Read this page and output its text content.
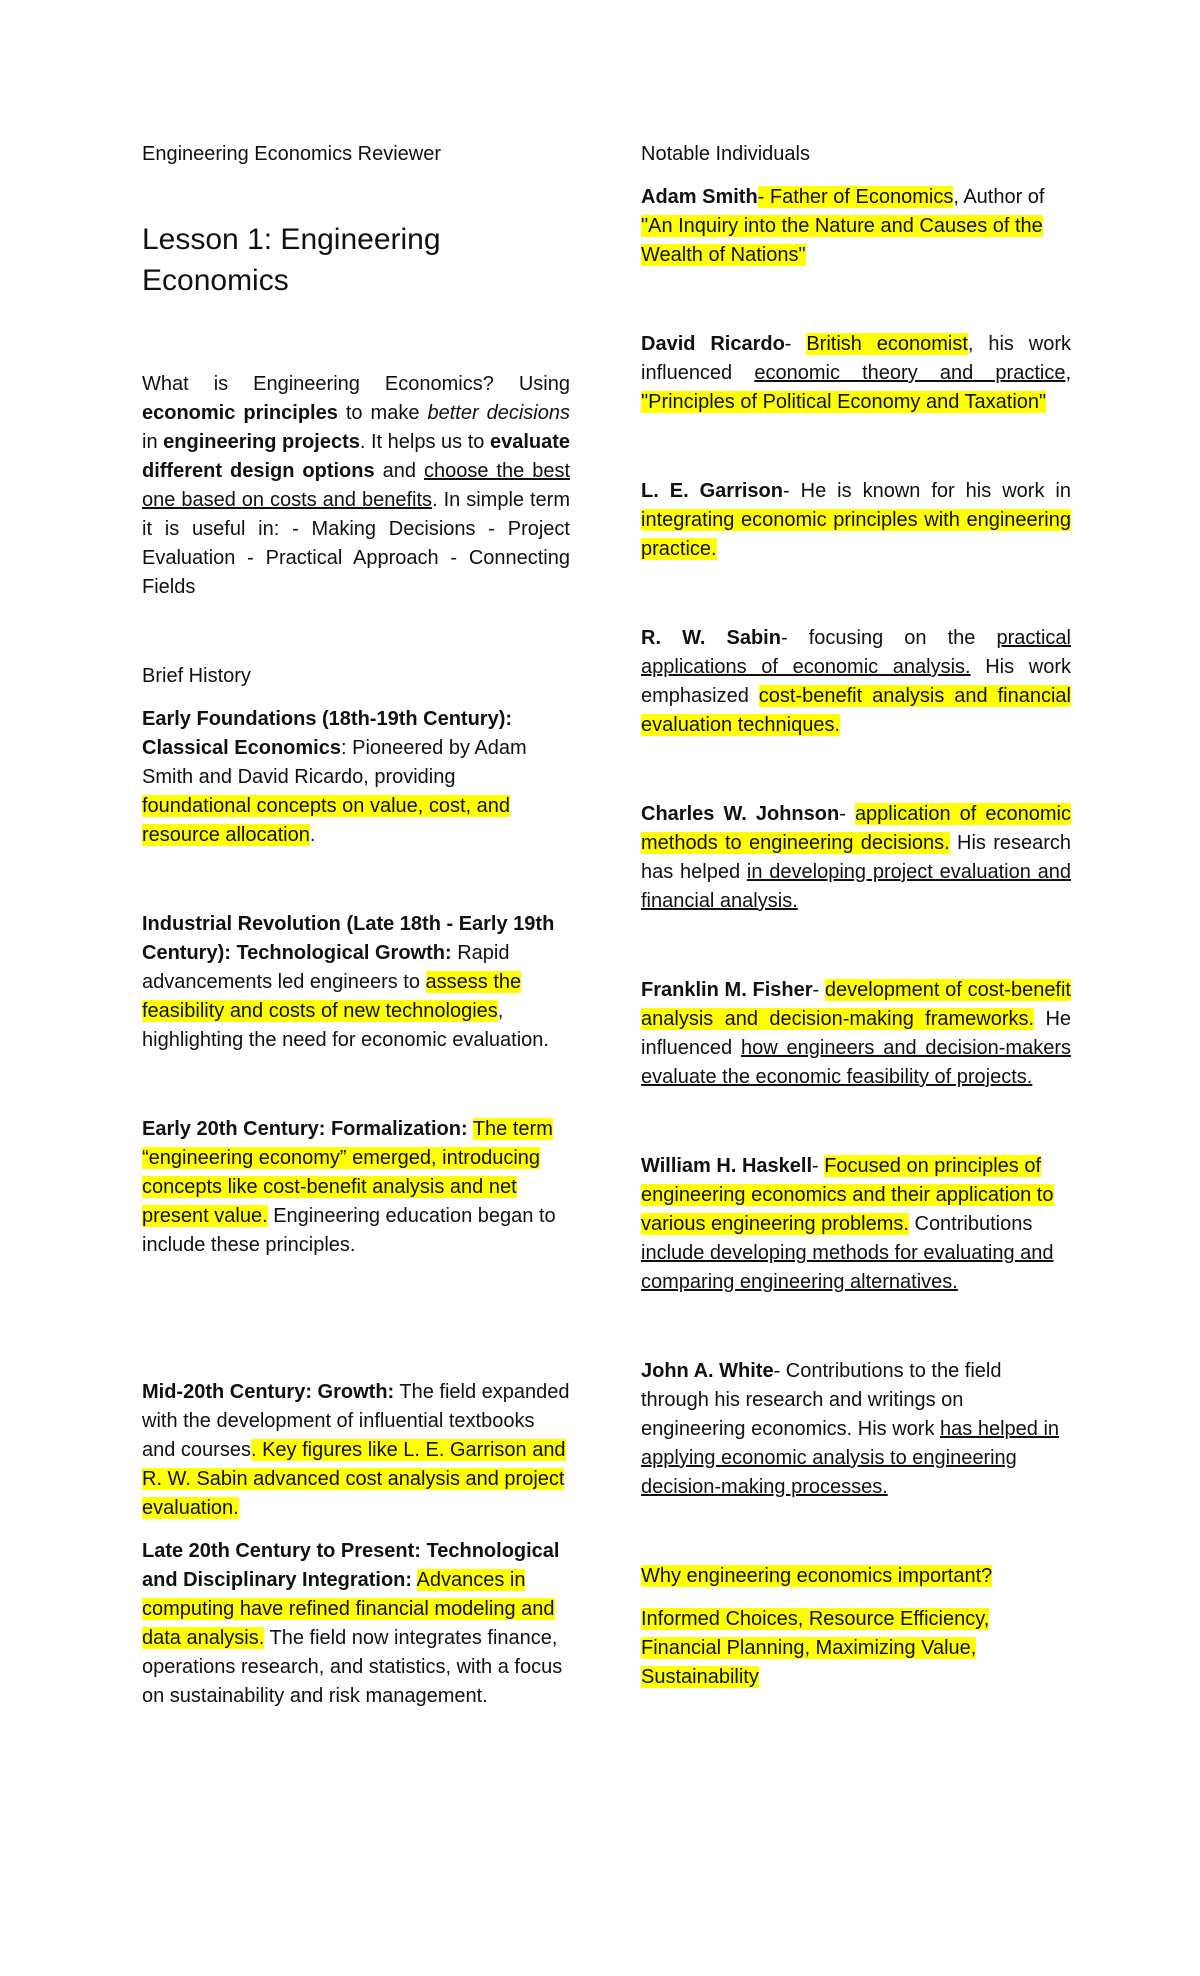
Engineering Economics Reviewer

Lesson 1: Engineering Economics

What is Engineering Economics? Using economic principles to make better decisions in engineering projects. It helps us to evaluate different design options and choose the best one based on costs and benefits. In simple term it is useful in: - Making Decisions - Project Evaluation - Practical Approach - Connecting Fields

Brief History

Early Foundations (18th-19th Century): Classical Economics: Pioneered by Adam Smith and David Ricardo, providing foundational concepts on value, cost, and resource allocation.

Industrial Revolution (Late 18th - Early 19th Century): Technological Growth: Rapid advancements led engineers to assess the feasibility and costs of new technologies, highlighting the need for economic evaluation.

Early 20th Century: Formalization: The term “engineering economy” emerged, introducing concepts like cost-benefit analysis and net present value. Engineering education began to include these principles.

Mid-20th Century: Growth: The field expanded with the development of influential textbooks and courses. Key figures like L. E. Garrison and R. W. Sabin advanced cost analysis and project evaluation.

Late 20th Century to Present: Technological and Disciplinary Integration: Advances in computing have refined financial modeling and data analysis. The field now integrates finance, operations research, and statistics, with a focus on sustainability and risk management.

Notable Individuals

Adam Smith- Father of Economics, Author of "An Inquiry into the Nature and Causes of the Wealth of Nations"

David Ricardo- British economist, his work influenced economic theory and practice, "Principles of Political Economy and Taxation"

L. E. Garrison- He is known for his work in integrating economic principles with engineering practice.

R. W. Sabin- focusing on the practical applications of economic analysis. His work emphasized cost-benefit analysis and financial evaluation techniques.

Charles W. Johnson- application of economic methods to engineering decisions. His research has helped in developing project evaluation and financial analysis.

Franklin M. Fisher- development of cost-benefit analysis and decision-making frameworks. He influenced how engineers and decision-makers evaluate the economic feasibility of projects.

William H. Haskell- Focused on principles of engineering economics and their application to various engineering problems. Contributions include developing methods for evaluating and comparing engineering alternatives.

John A. White- Contributions to the field through his research and writings on engineering economics. His work has helped in applying economic analysis to engineering decision-making processes.

Why engineering economics important?

Informed Choices, Resource Efficiency, Financial Planning, Maximizing Value, Sustainability
